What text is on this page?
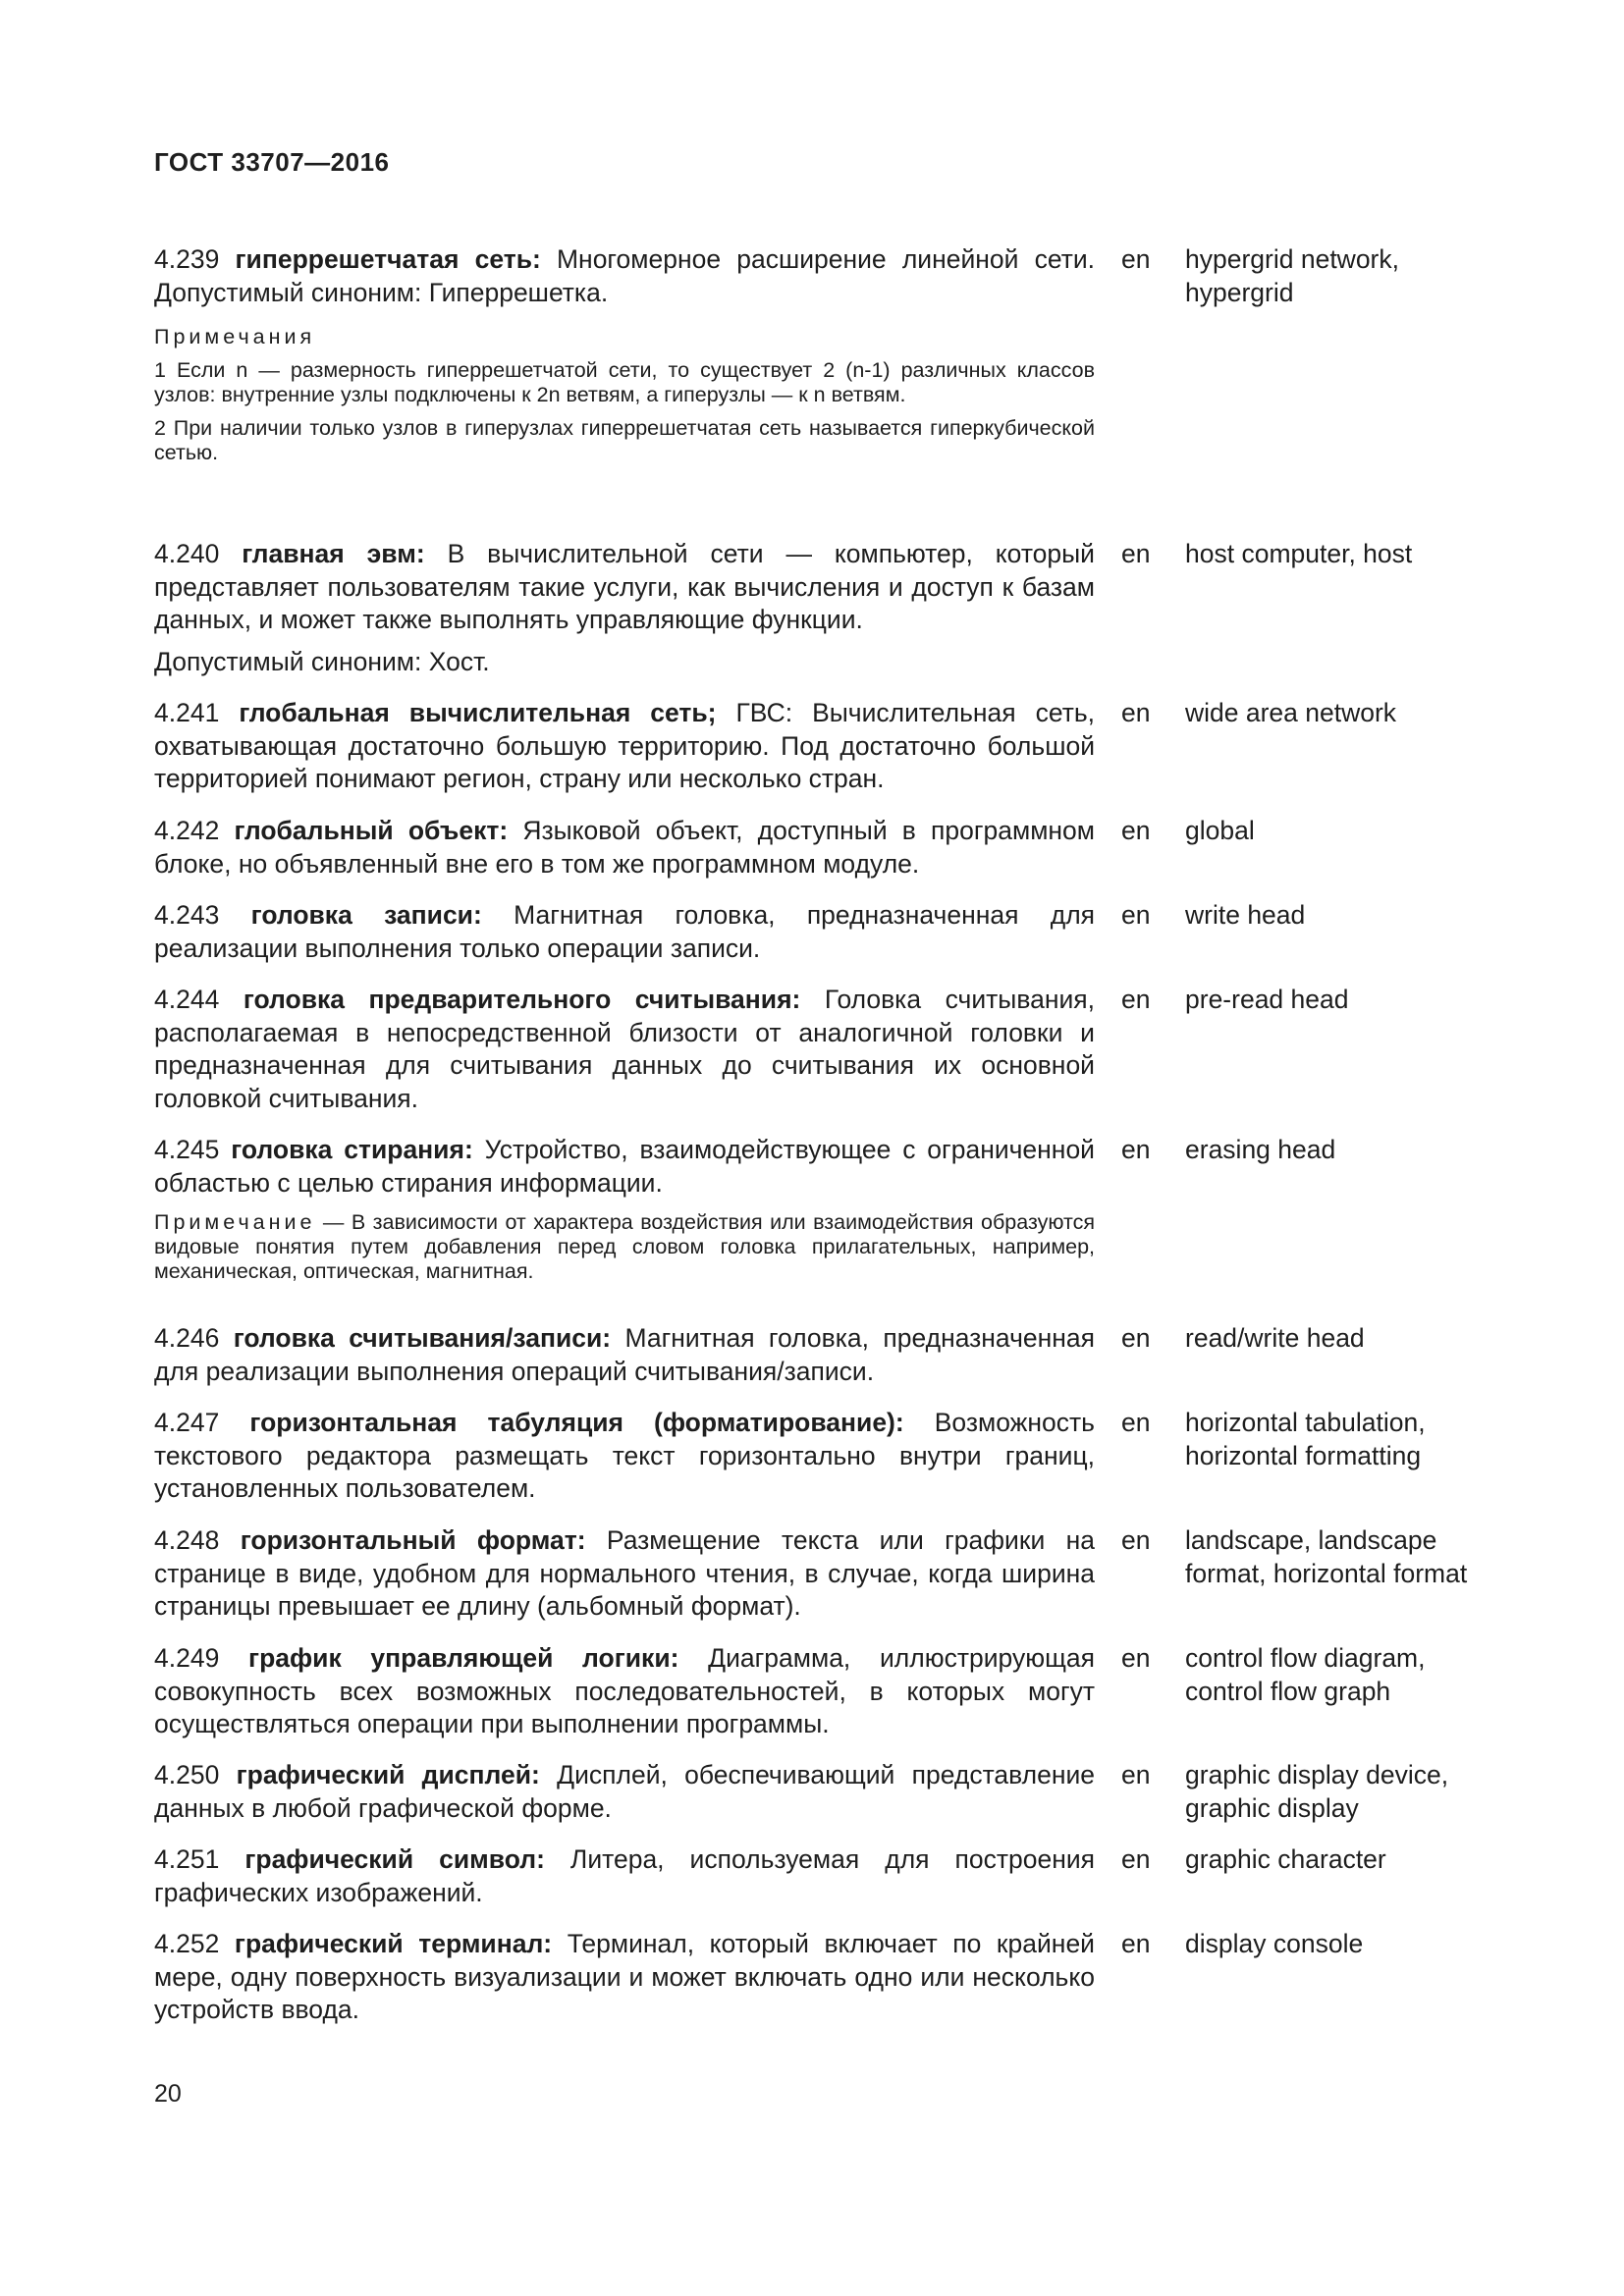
ГОСТ 33707—2016

4.239 гиперрешетчатая сеть: Многомерное расширение линейной сети. Допустимый синоним: Гиперрешетка.

en hypergrid network, hypergrid

Примечания

1 Если n — размерность гиперрешетчатой сети, то существует 2 (n-1) различных классов узлов: внутренние узлы подключены к 2n ветвям, а гиперузлы — к n ветвям.

2 При наличии только узлов в гиперузлах гиперрешетчатая сеть называется гиперкубической сетью.

4.240 главная эвм: В вычислительной сети — компьютер, который представляет пользователям такие услуги, как вычисления и доступ к базам данных, и может также выполнять управляющие функции.

Допустимый синоним: Хост.

en host computer, host

4.241 глобальная вычислительная сеть; ГВС: Вычислительная сеть, охватывающая достаточно большую территорию. Под достаточно большой территорией понимают регион, страну или несколько стран.

en wide area network

4.242 глобальный объект: Языковой объект, доступный в программном блоке, но объявленный вне его в том же программном модуле.

en global

4.243 головка записи: Магнитная головка, предназначенная для реализации выполнения только операции записи.

en write head

4.244 головка предварительного считывания: Головка считывания, располагаемая в непосредственной близости от аналогичной головки и предназначенная для считывания данных до считывания их основной головкой считывания.

en pre-read head

4.245 головка стирания: Устройство, взаимодействующее с ограниченной областью с целью стирания информации.

en erasing head

Примечание — В зависимости от характера воздействия или взаимодействия образуются видовые понятия путем добавления перед словом головка прилагательных, например, механическая, оптическая, магнитная.

4.246 головка считывания/записи: Магнитная головка, предназначенная для реализации выполнения операций считывания/записи.

en read/write head

4.247 горизонтальная табуляция (форматирование): Возможность текстового редактора размещать текст горизонтально внутри границ, установленных пользователем.

en horizontal tabulation, horizontal formatting

4.248 горизонтальный формат: Размещение текста или графики на странице в виде, удобном для нормального чтения, в случае, когда ширина страницы превышает ее длину (альбомный формат).

en landscape, landscape format, horizontal format

4.249 график управляющей логики: Диаграмма, иллюстрирующая совокупность всех возможных последовательностей, в которых могут осуществляться операции при выполнении программы.

en control flow diagram, control flow graph

4.250 графический дисплей: Дисплей, обеспечивающий представление данных в любой графической форме.

en graphic display device, graphic display

4.251 графический символ: Литера, используемая для построения графических изображений.

en graphic character

4.252 графический терминал: Терминал, который включает по крайней мере, одну поверхность визуализации и может включать одно или несколько устройств ввода.

en display console
20
